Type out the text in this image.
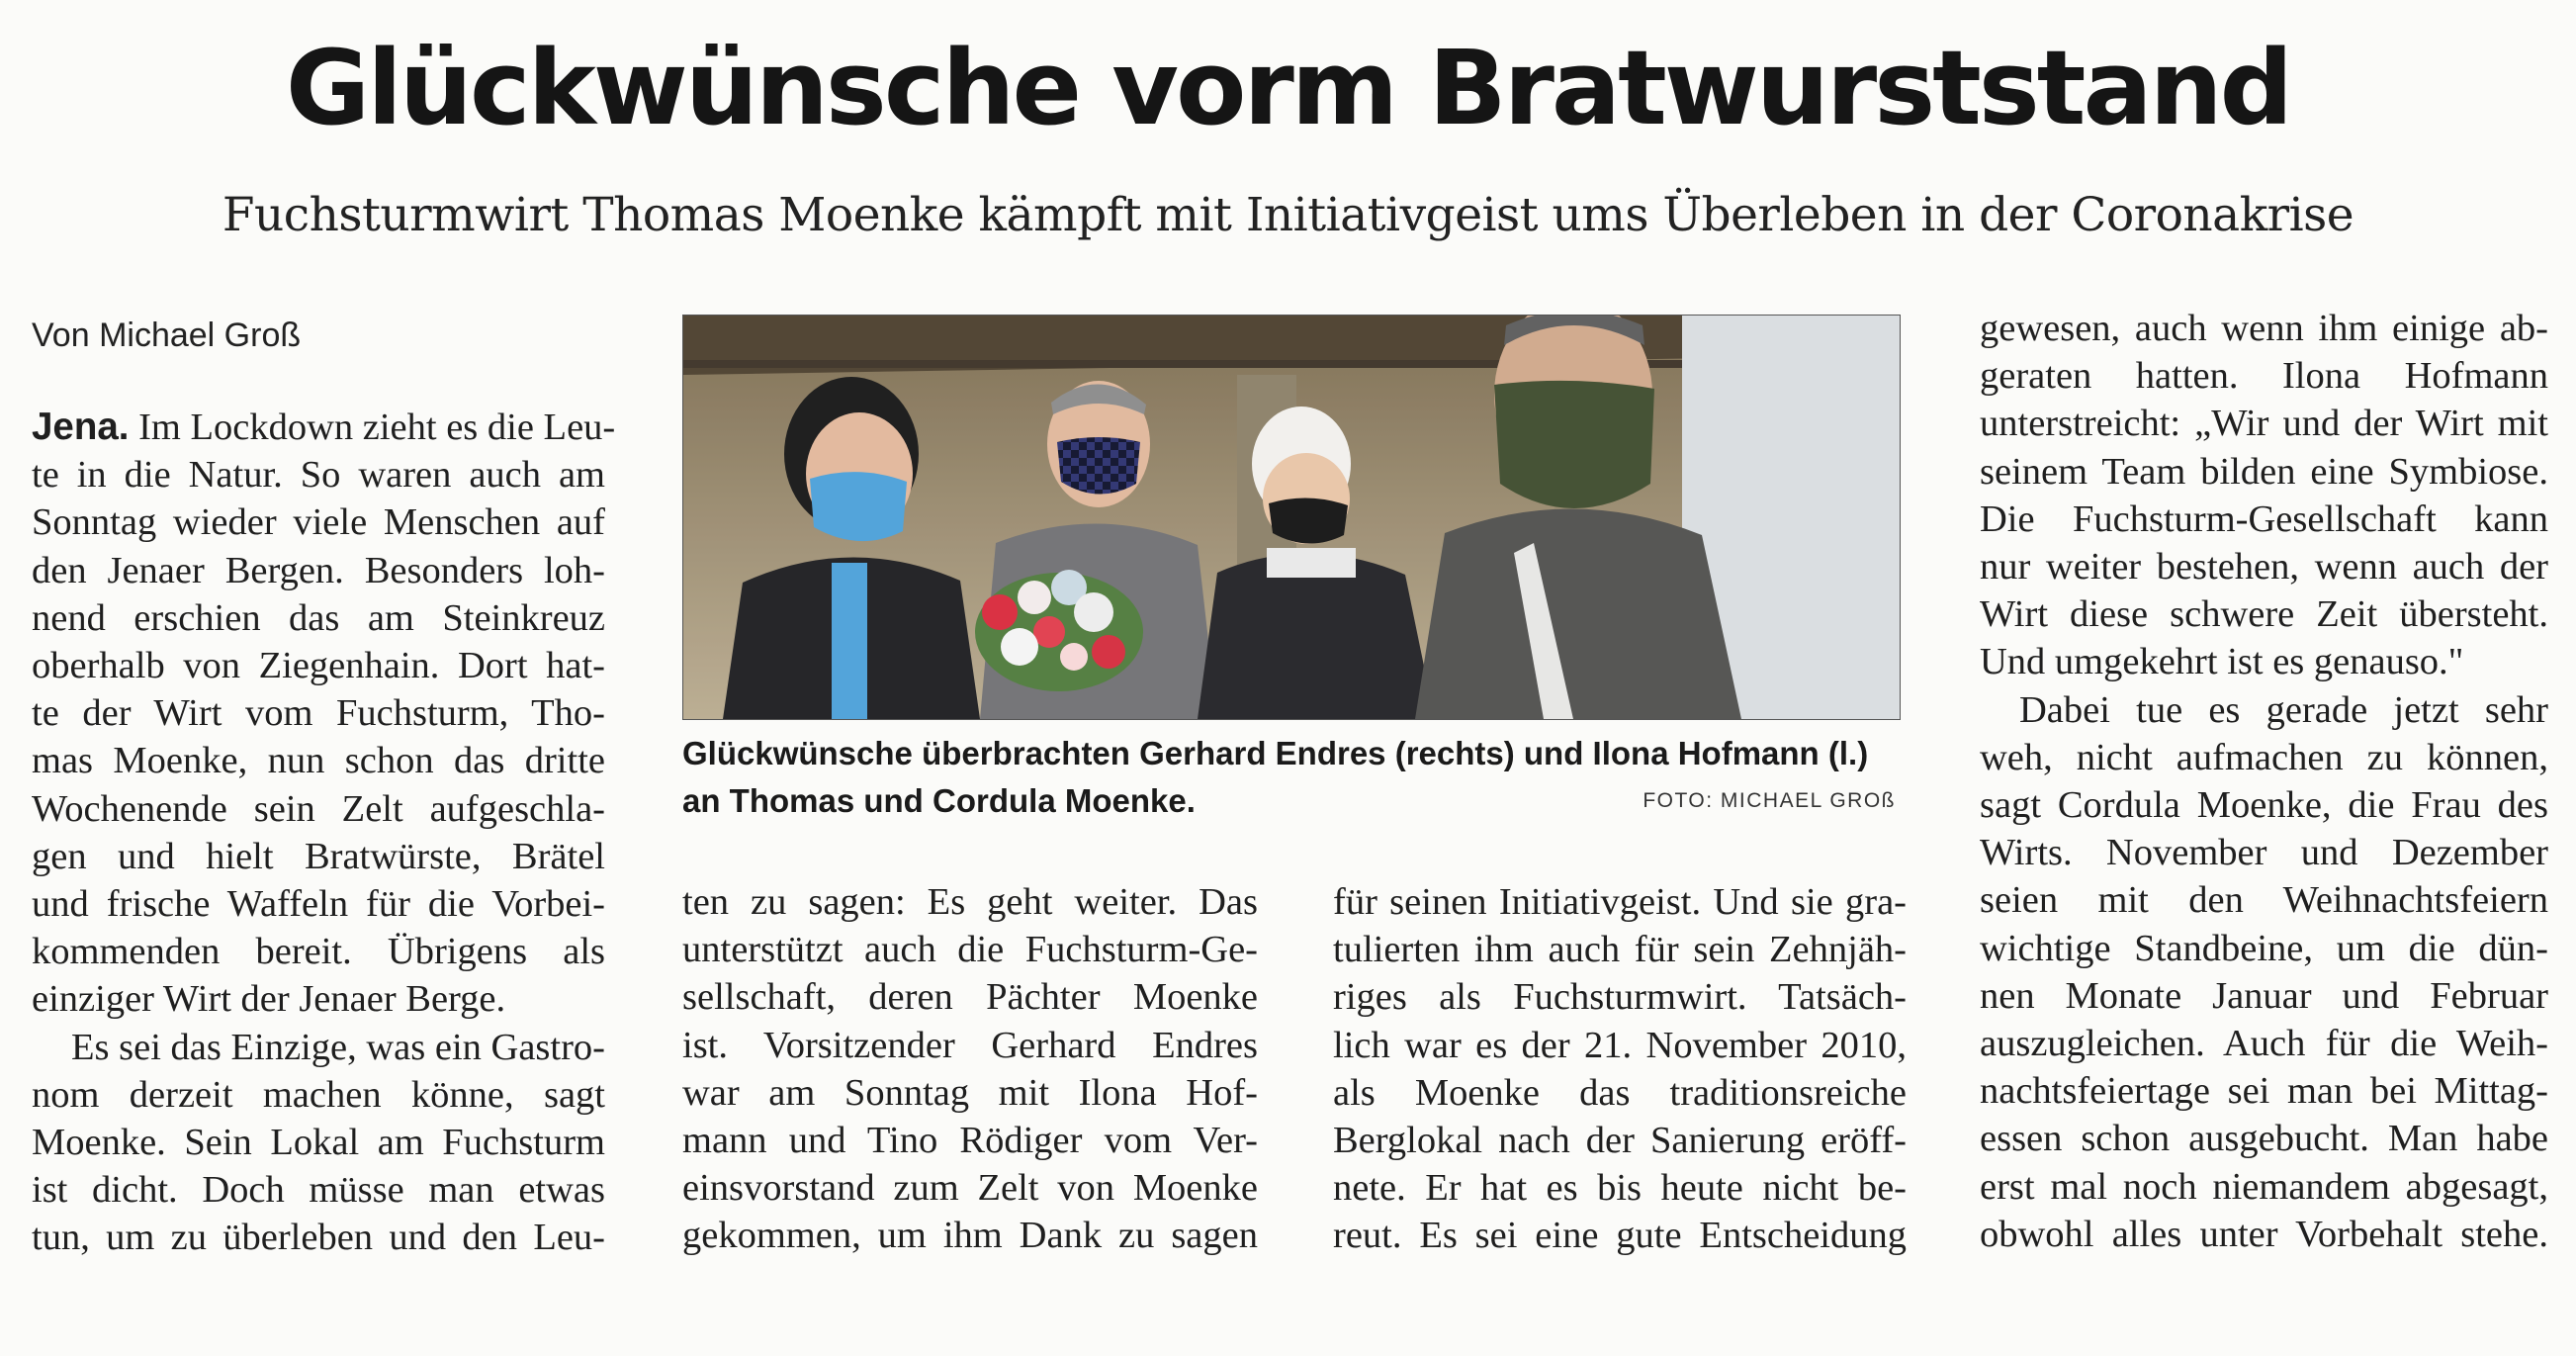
Glückwünsche vorm Bratwurststand
Fuchsturmwirt Thomas Moenke kämpft mit Initiativgeist ums Überleben in der Coronakrise
Von Michael Groß
Jena. Im Lockdown zieht es die Leu-
te in die Natur. So waren auch am
Sonntag wieder viele Menschen auf
den Jenaer Bergen. Besonders loh-
nend erschien das am Steinkreuz
oberhalb von Ziegenhain. Dort hat-
te der Wirt vom Fuchsturm, Tho-
mas Moenke, nun schon das dritte
Wochenende sein Zelt aufgeschla-
gen und hielt Bratwürste, Brätel
und frische Waffeln für die Vorbei-
kommenden bereit. Übrigens als
einziger Wirt der Jenaer Berge.
Es sei das Einzige, was ein Gastro-
nom derzeit machen könne, sagt
Moenke. Sein Lokal am Fuchsturm
ist dicht. Doch müsse man etwas
tun, um zu überleben und den Leu-
Glückwünsche überbrachten Gerhard Endres (rechts) und Ilona Hofmann (l.)
an Thomas und Cordula Moenke.	FOTO: MICHAEL GROß
ten zu sagen: Es geht weiter. Das
unterstützt auch die Fuchsturm-Ge-
sellschaft, deren Pächter Moenke
ist. Vorsitzender Gerhard Endres
war am Sonntag mit Ilona Hof-
mann und Tino Rödiger vom Ver-
einsvorstand zum Zelt von Moenke
gekommen, um ihm Dank zu sagen
für seinen Initiativgeist. Und sie gra-
tulierten ihm auch für sein Zehnjäh-
riges als Fuchsturmwirt. Tatsäch-
lich war es der 21. November 2010,
als Moenke das traditionsreiche
Berglokal nach der Sanierung eröff-
nete. Er hat es bis heute nicht be-
reut. Es sei eine gute Entscheidung
gewesen, auch wenn ihm einige ab-
geraten hatten. Ilona Hofmann
unterstreicht: „Wir und der Wirt mit
seinem Team bilden eine Symbiose.
Die Fuchsturm-Gesellschaft kann
nur weiter bestehen, wenn auch der
Wirt diese schwere Zeit übersteht.
Und umgekehrt ist es genauso."
Dabei tue es gerade jetzt sehr
weh, nicht aufmachen zu können,
sagt Cordula Moenke, die Frau des
Wirts. November und Dezember
seien mit den Weihnachtsfeiern
wichtige Standbeine, um die dün-
nen Monate Januar und Februar
auszugleichen. Auch für die Weih-
nachtsfeiertage sei man bei Mittag-
essen schon ausgebucht. Man habe
erst mal noch niemandem abgesagt,
obwohl alles unter Vorbehalt stehe.
